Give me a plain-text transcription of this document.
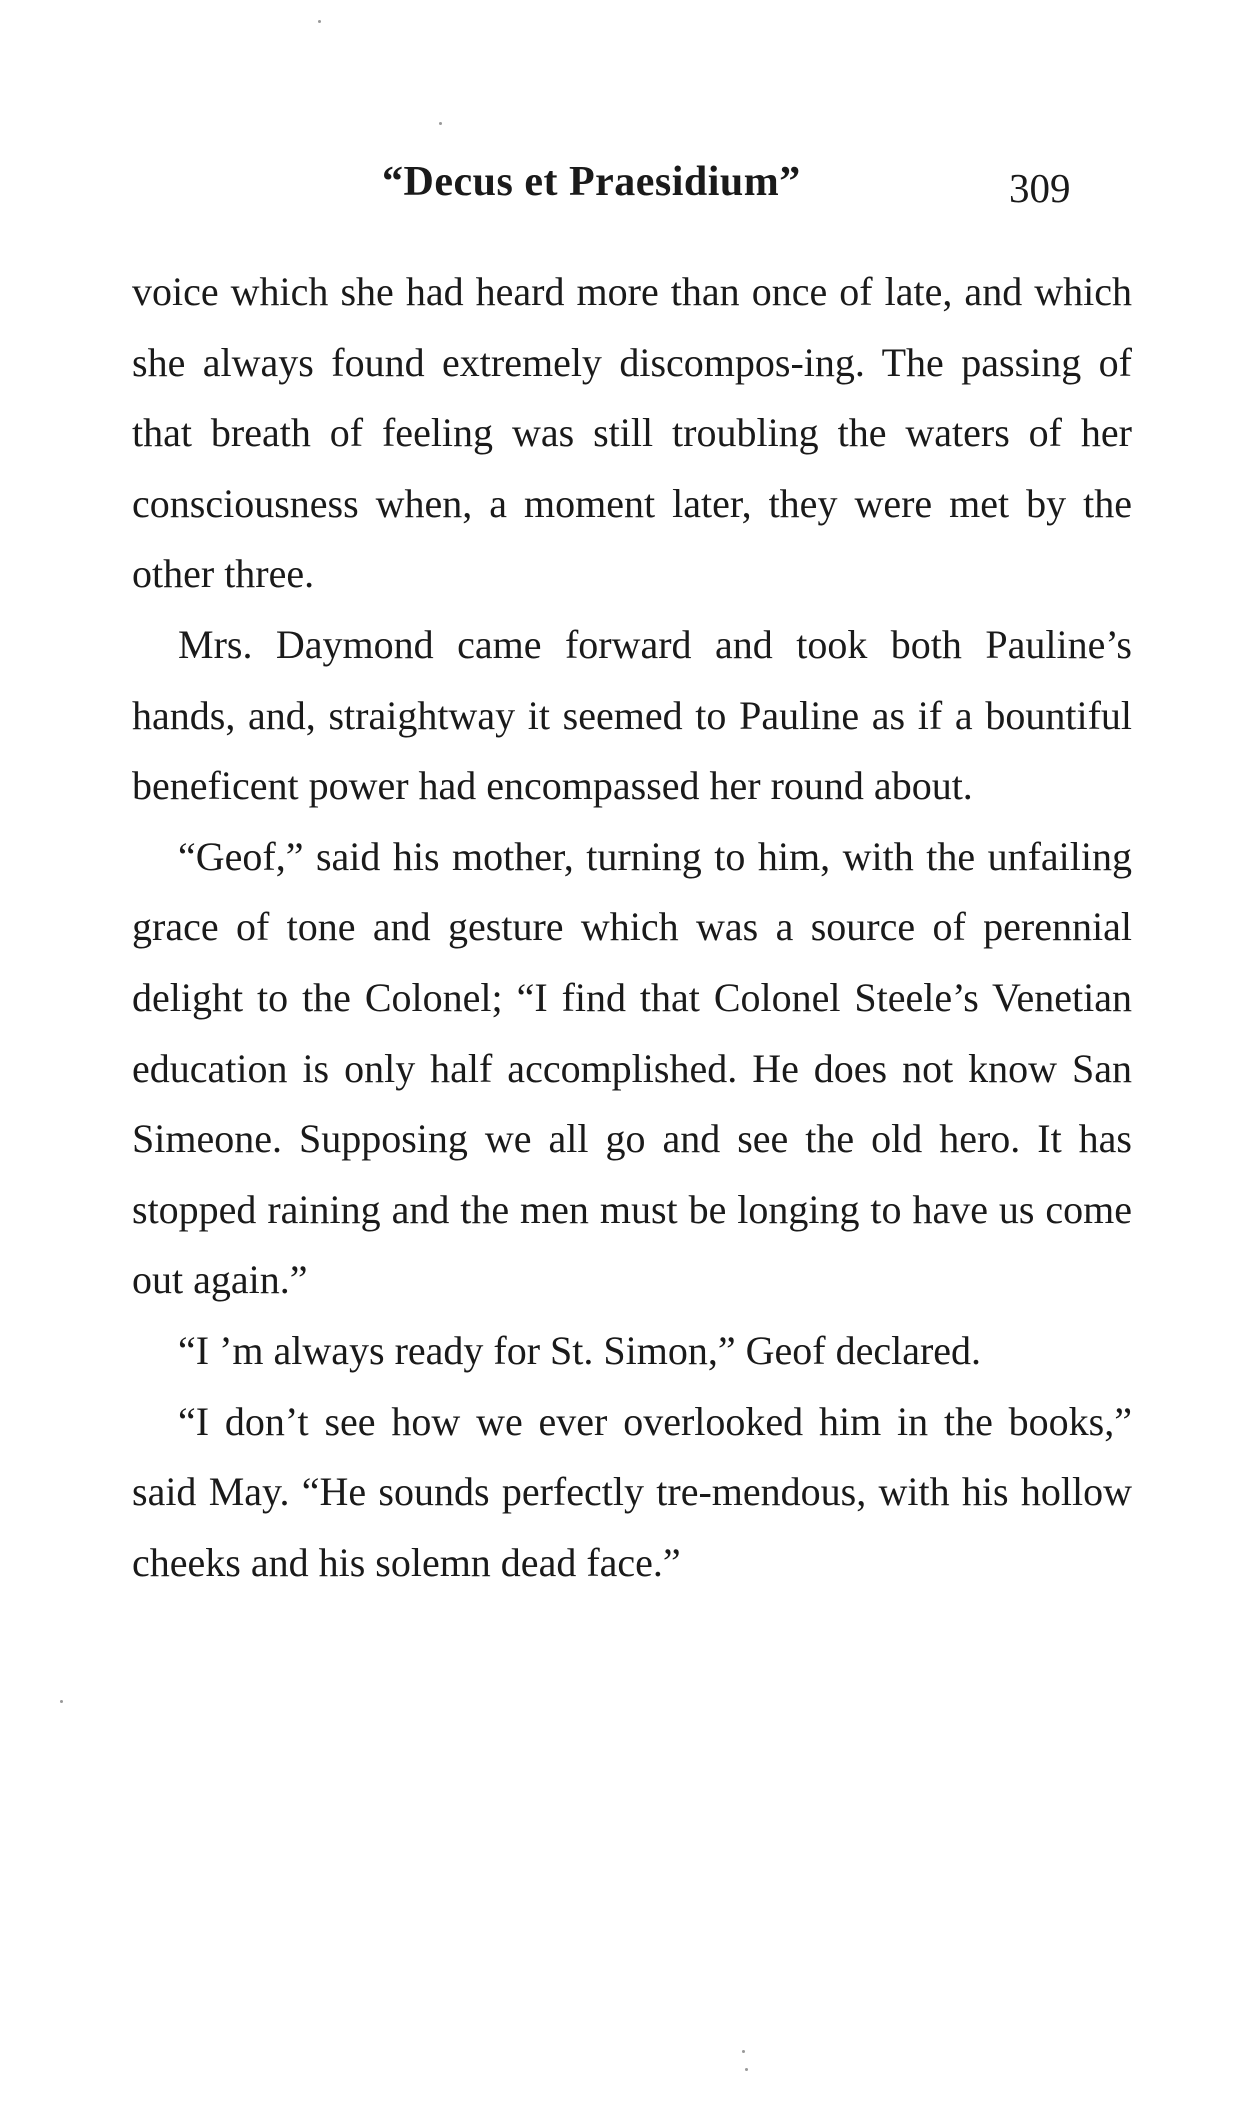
“Decus et Praesidium”	309

voice which she had heard more than once of late, and which she always found extremely discompos-ing. The passing of that breath of feeling was still troubling the waters of her consciousness when, a moment later, they were met by the other three.

Mrs. Daymond came forward and took both Pauline’s hands, and, straightway it seemed to Pauline as if a bountiful beneficent power had encompassed her round about.

“Geof,” said his mother, turning to him, with the unfailing grace of tone and gesture which was a source of perennial delight to the Colonel; “I find that Colonel Steele’s Venetian education is only half accomplished. He does not know San Simeone. Supposing we all go and see the old hero. It has stopped raining and the men must be longing to have us come out again.”

“I ’m always ready for St. Simon,” Geof declared.

“I don’t see how we ever overlooked him in the books,” said May. “He sounds perfectly tre-mendous, with his hollow cheeks and his solemn dead face.”
